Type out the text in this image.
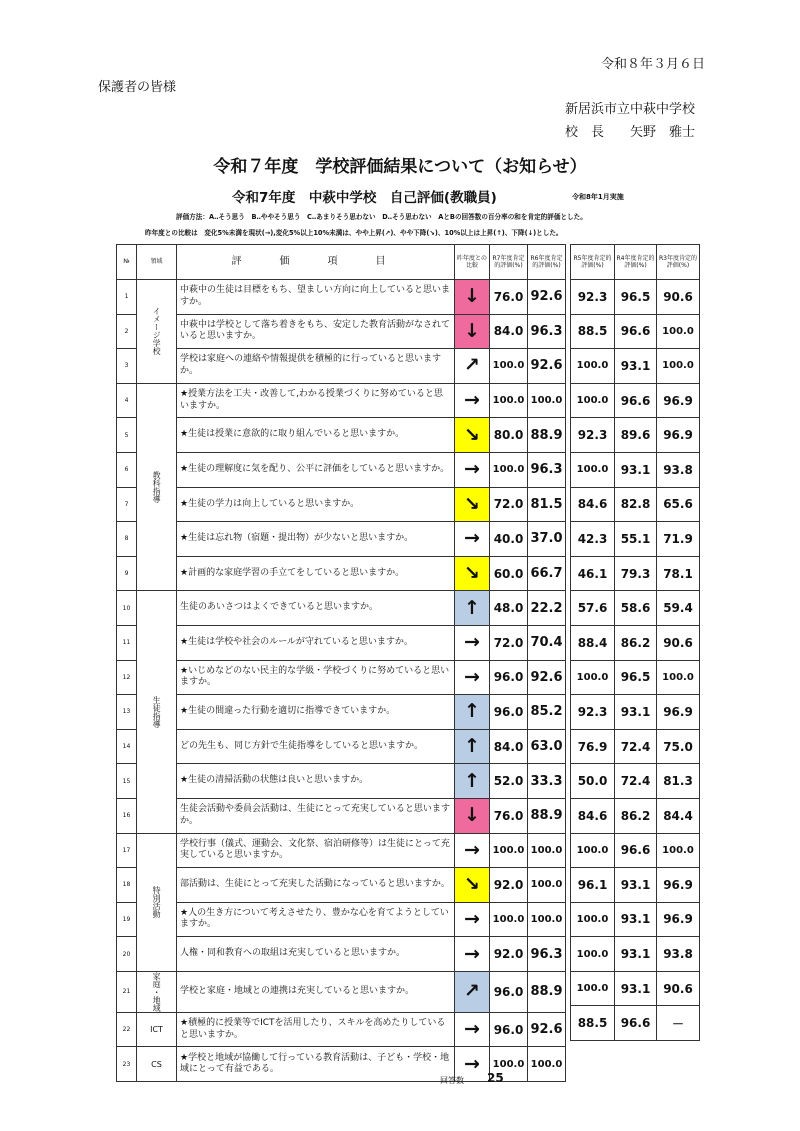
令和８年３月６日
保護者の皆様
新居浜市立中萩中学校
校　長　　矢野　雅士
令和７年度　学校評価結果について（お知らせ）
令和7年度　中萩中学校　自己評価(教職員)	令和8年1月実施
評価方法：A‥そう思う　B‥ややそう思う　C‥あまりそう思わない　D‥そう思わない　AとBの回答数の百分率の和を肯定的評価とした。
昨年度との比較は　変化5%未満を現状(→),変化5%以上10%未満は、やや上昇(↗)、やや下降(↘)、10%以上は上昇(↑)、下降(↓)とした。
№	領域	評　価　項　目	昨年度との比較	R7年度肯定的評価(%)	R6年度肯定的評価(%)
1	イメージ学校	中萩中の生徒は目標をもち、望ましい方向に向上していると思いますか。	↓	76.0	92.6
2		中萩中は学校として落ち着きをもち、安定した教育活動がなされていると思いますか。	↓	84.0	96.3
3		学校は家庭への連絡や情報提供を積極的に行っていると思いますか。	↗	100.0	92.6
4	教科指導	★授業方法を工夫・改善して,わかる授業づくりに努めていると思いますか。	→	100.0	100.0
5		★生徒は授業に意欲的に取り組んでいると思いますか。	↘	80.0	88.9
6		★生徒の理解度に気を配り、公平に評価をしていると思いますか。	→	100.0	96.3
7		★生徒の学力は向上していると思いますか。	↘	72.0	81.5
8		★生徒は忘れ物（宿題・提出物）が少ないと思いますか。	→	40.0	37.0
9		★計画的な家庭学習の手立てをしていると思いますか。	↘	60.0	66.7
10	生徒指導	生徒のあいさつはよくできていると思いますか。	↑	48.0	22.2
11		★生徒は学校や社会のルールが守れていると思いますか。	→	72.0	70.4
12		★いじめなどのない民主的な学級・学校づくりに努めていると思いますか。	→	96.0	92.6
13		★生徒の間違った行動を適切に指導できていますか。	↑	96.0	85.2
14		どの先生も、同じ方針で生徒指導をしていると思いますか。	↑	84.0	63.0
15		★生徒の清掃活動の状態は良いと思いますか。	↑	52.0	33.3
16		生徒会活動や委員会活動は、生徒にとって充実していると思いますか。	↓	76.0	88.9
17	特別活動	学校行事（儀式、運動会、文化祭、宿泊研修等）は生徒にとって充実していると思いますか。	→	100.0	100.0
18		部活動は、生徒にとって充実した活動になっていると思いますか。	↘	92.0	100.0
19		★人の生き方について考えさせたり、豊かな心を育てようとしていますか。	→	100.0	100.0
20		人権・同和教育への取組は充実していると思いますか。	→	92.0	96.3
21	家庭・地域	学校と家庭・地域との連携は充実していると思いますか。	↗	96.0	88.9
22	ICT	★積極的に授業等でICTを活用したり、スキルを高めたりしていると思いますか。	→	96.0	92.6
23	CS	★学校と地域が協働して行っている教育活動は、子ども・学校・地域にとって有益である。	→	100.0	100.0
R5年度肯定的評価(%)	R4年度肯定的評価(%)	R3年度肯定的評価(%)
92.3	96.5	90.6
88.5	96.6	100.0
100.0	93.1	100.0
100.0	96.6	96.9
92.3	89.6	96.9
100.0	93.1	93.8
84.6	82.8	65.6
42.3	55.1	71.9
46.1	79.3	78.1
57.6	58.6	59.4
88.4	86.2	90.6
100.0	96.5	100.0
92.3	93.1	96.9
76.9	72.4	75.0
50.0	72.4	81.3
84.6	86.2	84.4
100.0	96.6	100.0
96.1	93.1	96.9
100.0	93.1	96.9
100.0	93.1	93.8
100.0	93.1	90.6
88.5	96.6	－
回答数 25
